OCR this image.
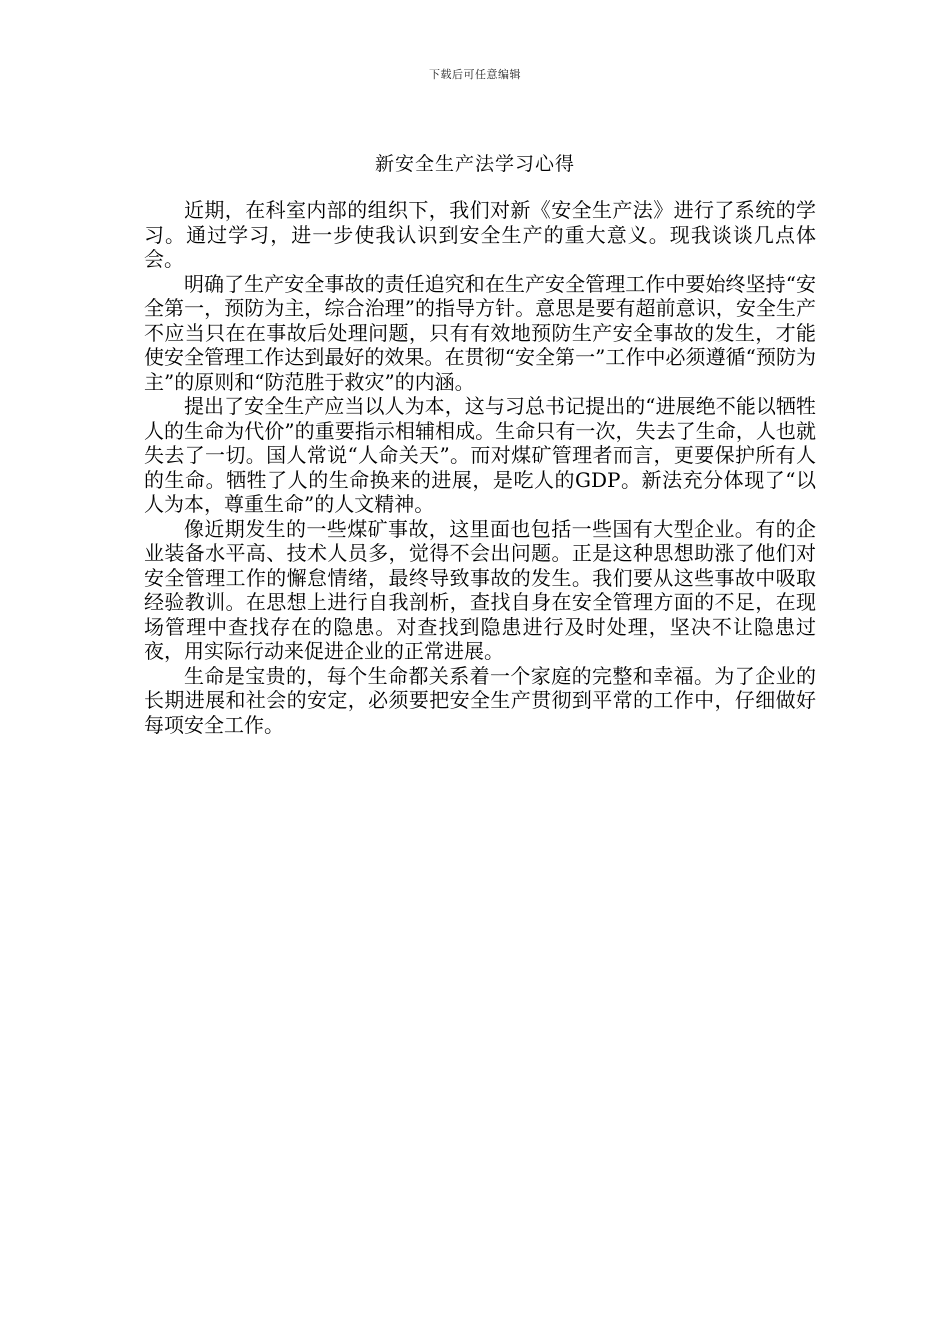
下载后可任意编辑
新安全生产法学习心得

近期，在科室内部的组织下，我们对新《安全生产法》进行了系统的学习。通过学习，进一步使我认识到安全生产的重大意义。现我谈谈几点体会。

明确了生产安全事故的责任追究和在生产安全管理工作中要始终坚持“安全第一，预防为主，综合治理”的指导方针。意思是要有超前意识，安全生产不应当只在在事故后处理问题，只有有效地预防生产安全事故的发生，才能使安全管理工作达到最好的效果。在贯彻“安全第一”工作中必须遵循“预防为主”的原则和“防范胜于救灾”的内涵。

提出了安全生产应当以人为本，这与习总书记提出的“进展绝不能以牺牲人的生命为代价”的重要指示相辅相成。生命只有一次，失去了生命，人也就失去了一切。国人常说“人命关天”。而对煤矿管理者而言，更要保护所有人的生命。牺牲了人的生命换来的进展，是吃人的GDP。新法充分体现了“以人为本，尊重生命”的人文精神。

像近期发生的一些煤矿事故，这里面也包括一些国有大型企业。有的企业装备水平高、技术人员多，觉得不会出问题。正是这种思想助涨了他们对安全管理工作的懈怠情绪，最终导致事故的发生。我们要从这些事故中吸取经验教训。在思想上进行自我剖析，查找自身在安全管理方面的不足，在现场管理中查找存在的隐患。对查找到隐患进行及时处理，坚决不让隐患过夜，用实际行动来促进企业的正常进展。

生命是宝贵的，每个生命都关系着一个家庭的完整和幸福。为了企业的长期进展和社会的安定，必须要把安全生产贯彻到平常的工作中，仔细做好每项安全工作。
